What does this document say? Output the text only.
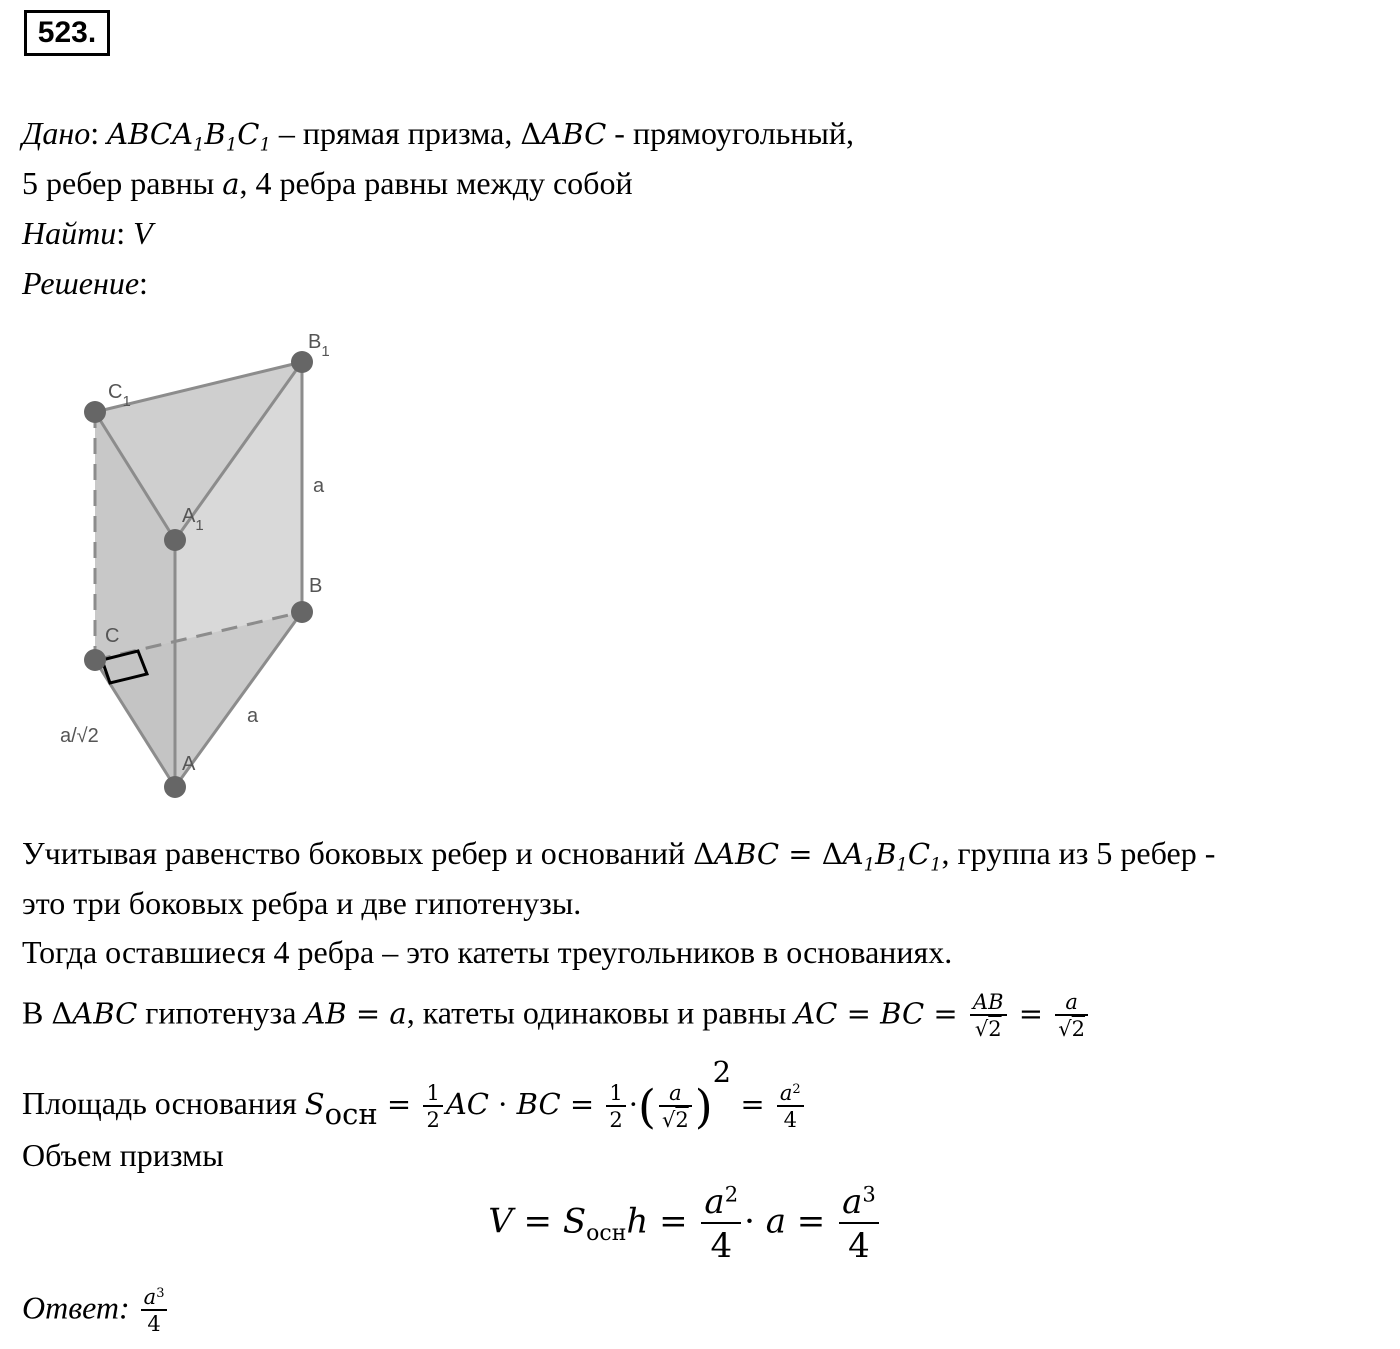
523.
Дано: $ABCA_1B_1C_1$ – прямая призма, ΔABC - прямоугольный,
5 ребер равны a, 4 ребра равны между собой
Найти: V
Решение:
$B_1$
$C_1$
$A_1$
B
C
A
a
a
a/√2
Учитывая равенство боковых ребер и оснований $\Delta ABC = \Delta A_1B_1C_1$, группа из 5 ребер -
это три боковых ребра и две гипотенузы.
Тогда оставшиеся 4 ребра – это катеты треугольников в основаниях.
В ΔABC гипотенуза AB = a, катеты одинаковы и равны AC = BC = $\frac{AB}{√2} = \frac{a}{√2}$
Площадь основания $S_{осн} = \frac{1}{2}$ AC · BC = $\frac{1}{2}$ ·( $\frac{a}{√2} )^2 = \frac{a^2}{4}$
Объем призмы
$V = S_{осн}h = \frac{a^2}{4} \cdot a = \frac{a^3}{4}$
Ответ: $\frac{a^3}{4}$
